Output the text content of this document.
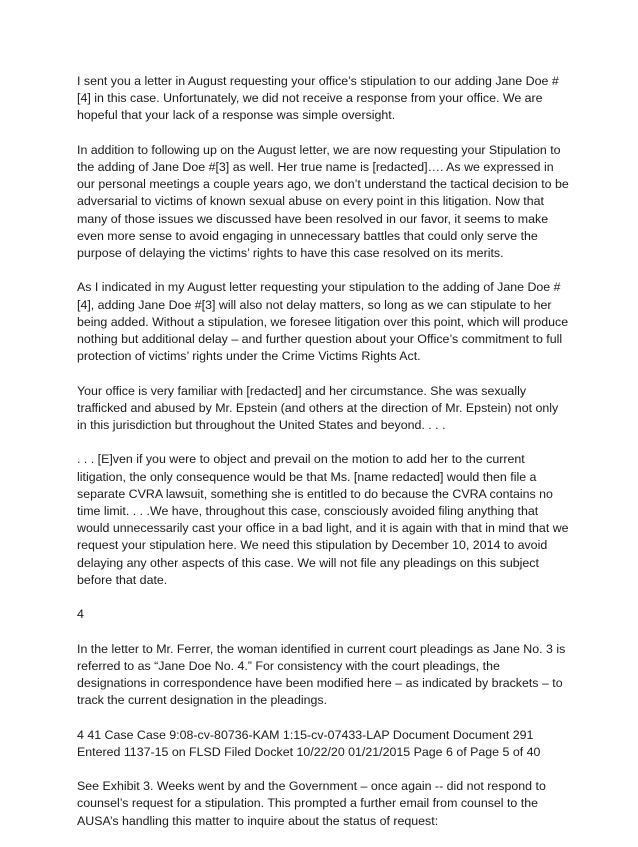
I sent you a letter in August requesting your office’s stipulation to our adding Jane Doe #[4] in this case. Unfortunately, we did not receive a response from your office. We are hopeful that your lack of a response was simple oversight.

In addition to following up on the August letter, we are now requesting your Stipulation to the adding of Jane Doe #[3] as well. Her true name is [redacted]…. As we expressed in our personal meetings a couple years ago, we don’t understand the tactical decision to be adversarial to victims of known sexual abuse on every point in this litigation. Now that many of those issues we discussed have been resolved in our favor, it seems to make even more sense to avoid engaging in unnecessary battles that could only serve the purpose of delaying the victims’ rights to have this case resolved on its merits.

As I indicated in my August letter requesting your stipulation to the adding of Jane Doe #[4], adding Jane Doe #[3] will also not delay matters, so long as we can stipulate to her being added. Without a stipulation, we foresee litigation over this point, which will produce nothing but additional delay – and further question about your Office’s commitment to full protection of victims’ rights under the Crime Victims Rights Act.

Your office is very familiar with [redacted] and her circumstance. She was sexually trafficked and abused by Mr. Epstein (and others at the direction of Mr. Epstein) not only in this jurisdiction but throughout the United States and beyond. . . .

. . . [E]ven if you were to object and prevail on the motion to add her to the current litigation, the only consequence would be that Ms. [name redacted] would then file a separate CVRA lawsuit, something she is entitled to do because the CVRA contains no time limit. . . .We have, throughout this case, consciously avoided filing anything that would unnecessarily cast your office in a bad light, and it is again with that in mind that we request your stipulation here. We need this stipulation by December 10, 2014 to avoid delaying any other aspects of this case. We will not file any pleadings on this subject before that date.

4

In the letter to Mr. Ferrer, the woman identified in current court pleadings as Jane No. 3 is referred to as “Jane Doe No. 4.” For consistency with the court pleadings, the designations in correspondence have been modified here – as indicated by brackets – to track the current designation in the pleadings.

4 41 Case Case 9:08-cv-80736-KAM 1:15-cv-07433-LAP Document Document 291 Entered 1137-15 on FLSD Filed Docket 10/22/20 01/21/2015 Page 6 of Page 5 of 40

See Exhibit 3. Weeks went by and the Government – once again -- did not respond to counsel’s request for a stipulation. This prompted a further email from counsel to the AUSA’s handling this matter to inquire about the status of request:
